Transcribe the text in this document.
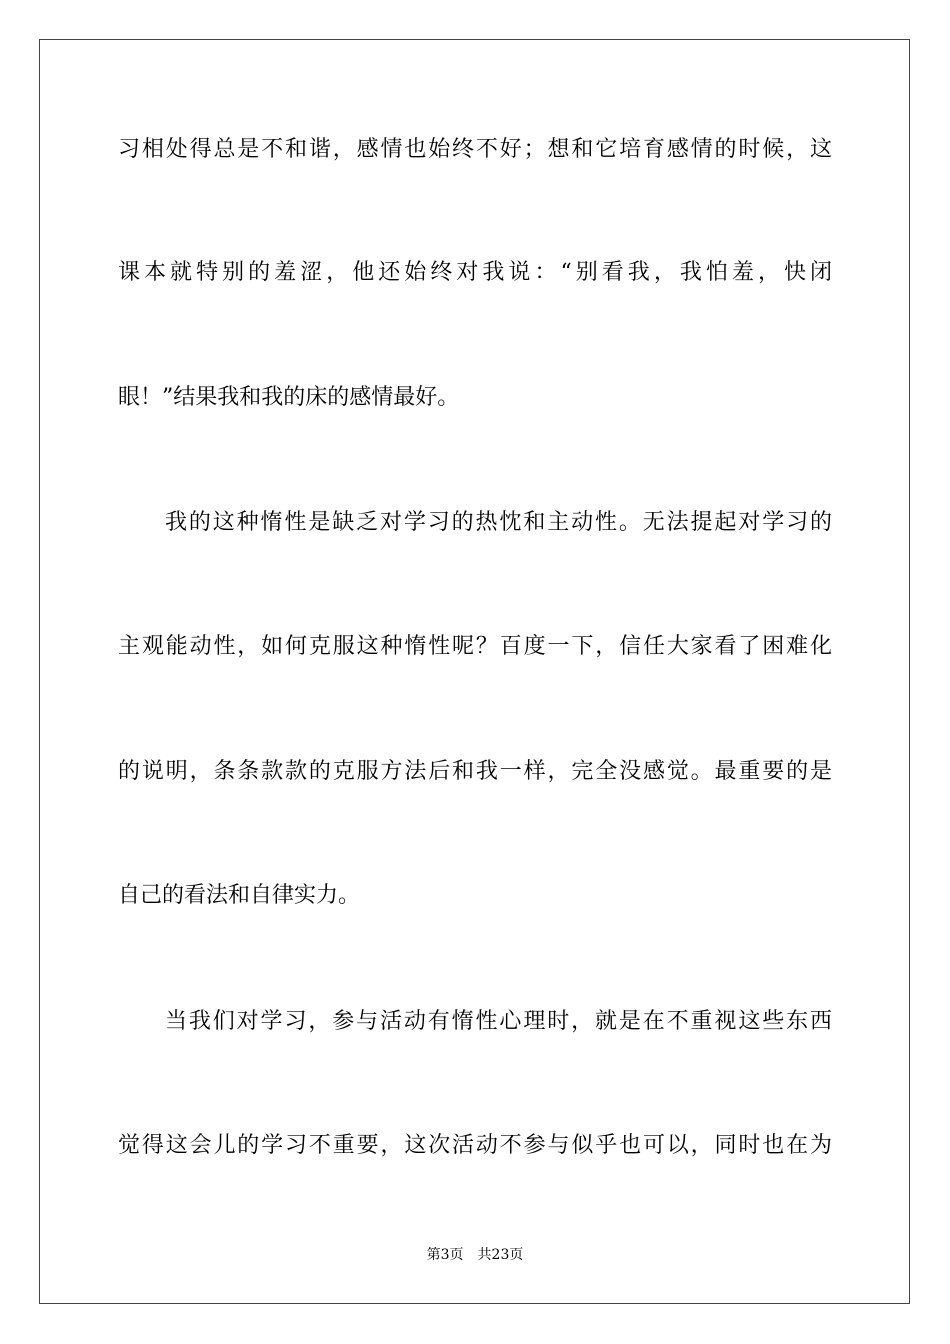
习相处得总是不和谐，感情也始终不好；想和它培育感情的时候，这
课本就特别的羞涩，他还始终对我说：“别看我，我怕羞，快闭
眼！”结果我和我的床的感情最好。
我的这种惰性是缺乏对学习的热忱和主动性。无法提起对学习的
主观能动性，如何克服这种惰性呢？百度一下，信任大家看了困难化
的说明，条条款款的克服方法后和我一样，完全没感觉。最重要的是
自己的看法和自律实力。
当我们对学习，参与活动有惰性心理时，就是在不重视这些东西
觉得这会儿的学习不重要，这次活动不参与似乎也可以，同时也在为
第3页 共23页
